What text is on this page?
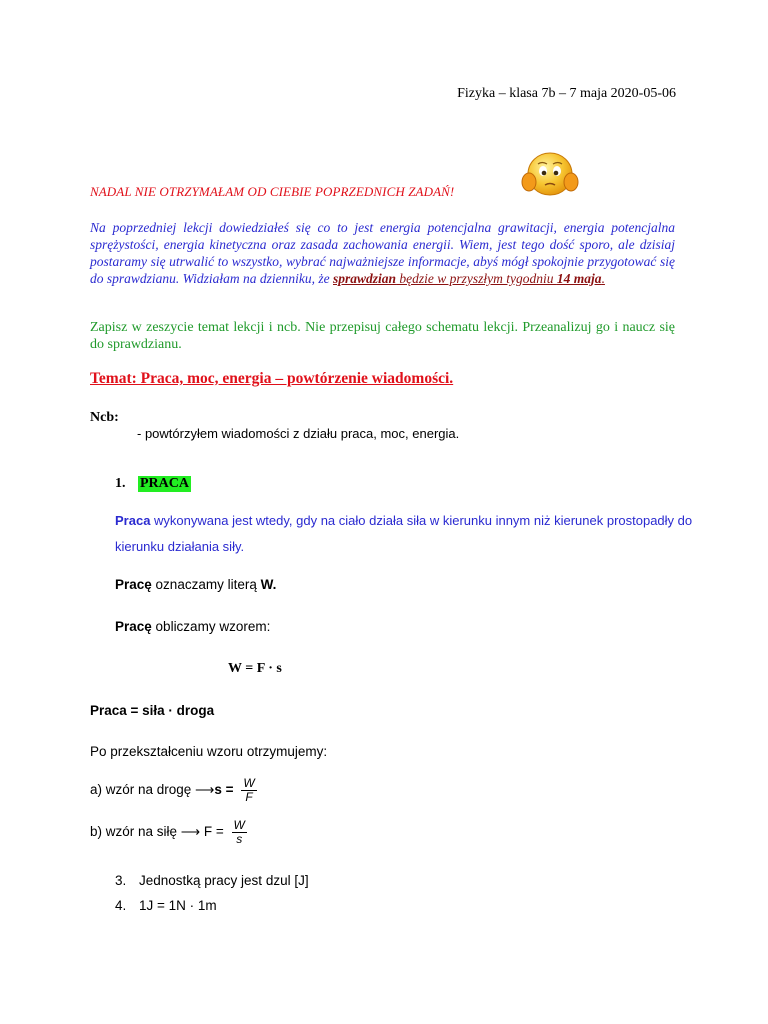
Fizyka – klasa 7b – 7 maja 2020-05-06
NADAL NIE OTRZYMAŁAM OD CIEBIE POPRZEDNICH ZADAŃ!
Na poprzedniej lekcji dowiedziałeś się co to jest energia potencjalna grawitacji, energia potencjalna sprężystości, energia kinetyczna oraz zasada zachowania energii. Wiem, jest tego dość sporo, ale dzisiaj postaramy się utrwalić to wszystko, wybrać najważniejsze informacje, abyś mógł spokojnie przygotować się do sprawdzianu. Widziałam na dzienniku, że sprawdzian będzie w przyszłym tygodniu 14 maja.
Zapisz w zeszycie temat lekcji i ncb. Nie przepisuj całego schematu lekcji. Przeanalizuj go i naucz się do sprawdzianu.
Temat: Praca, moc, energia – powtórzenie wiadomości.
Ncb:
- powtórzyłem wiadomości z działu praca, moc, energia.
1. PRACA
Praca wykonywana jest wtedy, gdy na ciało działa siła w kierunku innym niż kierunek prostopadły do kierunku działania siły.
Pracę oznaczamy literą W.
Pracę obliczamy wzorem:
W = F · s
Praca = siła · droga
Po przekształceniu wzoru otrzymujemy:
a) wzór na drogę ⟶s = $\frac{W}{F}$
b) wzór na siłę ⟶ $F = \frac{W}{s}$
3. Jednostką pracy jest dzul [J]
4. 1J = 1N · 1m
